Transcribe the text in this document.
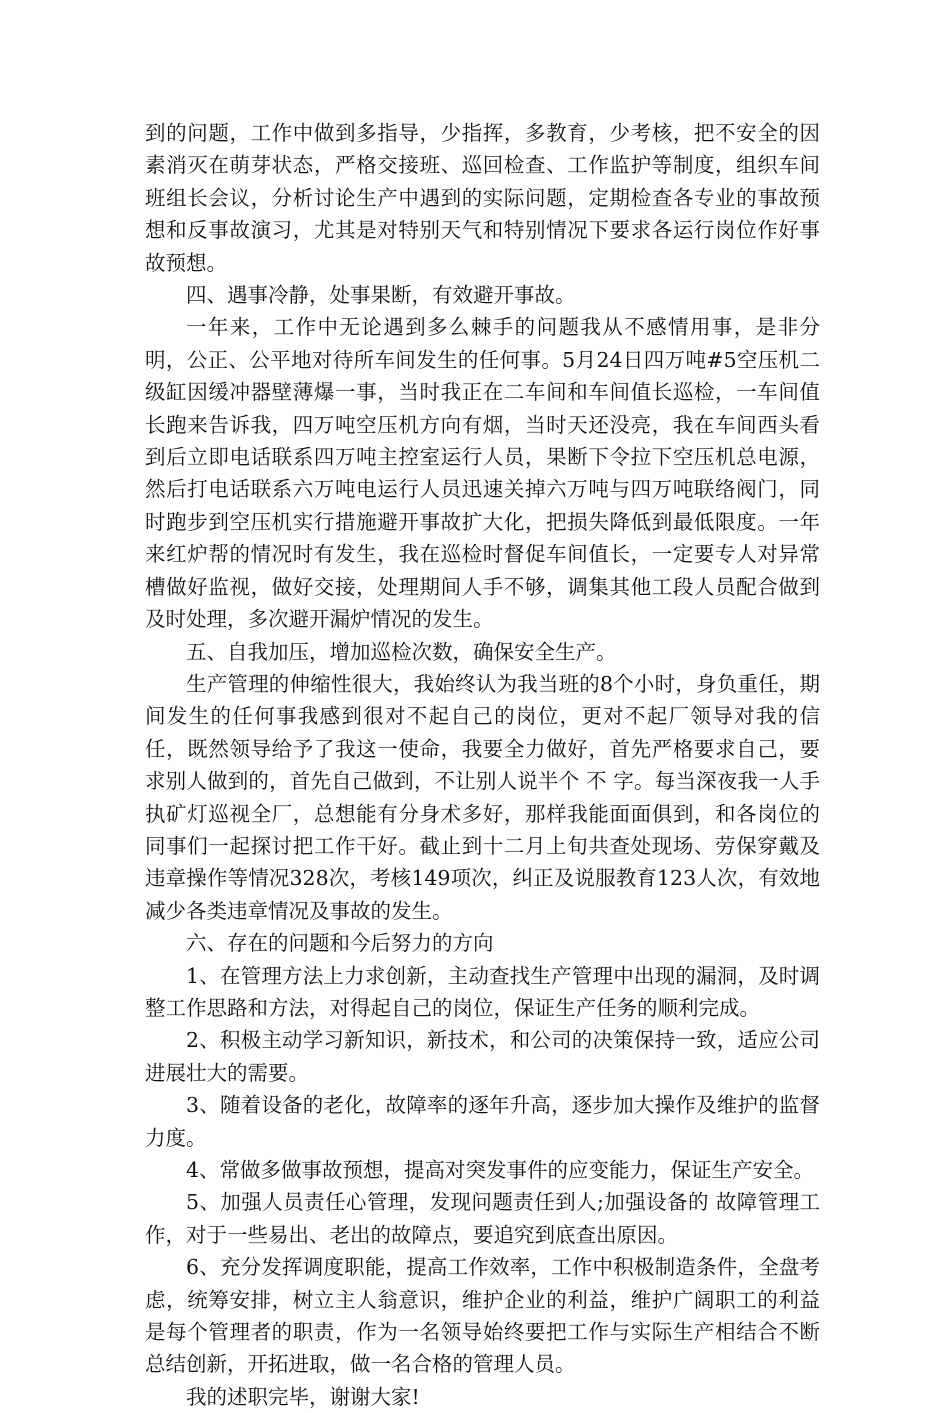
到的问题，工作中做到多指导，少指挥，多教育，少考核，把不安全的因素消灭在萌芽状态，严格交接班、巡回检查、工作监护等制度，组织车间班组长会议，分析讨论生产中遇到的实际问题，定期检查各专业的事故预想和反事故演习，尤其是对特别天气和特别情况下要求各运行岗位作好事故预想。

四、遇事冷静，处事果断，有效避开事故。

一年来，工作中无论遇到多么棘手的问题我从不感情用事，是非分明，公正、公平地对待所车间发生的任何事。5月24日四万吨#5空压机二级缸因缓冲器壁薄爆一事，当时我正在二车间和车间值长巡检，一车间值长跑来告诉我，四万吨空压机方向有烟，当时天还没亮，我在车间西头看到后立即电话联系四万吨主控室运行人员，果断下令拉下空压机总电源，然后打电话联系六万吨电运行人员迅速关掉六万吨与四万吨联络阀门，同时跑步到空压机实行措施避开事故扩大化，把损失降低到最低限度。一年来红炉帮的情况时有发生，我在巡检时督促车间值长，一定要专人对异常槽做好监视，做好交接，处理期间人手不够，调集其他工段人员配合做到及时处理，多次避开漏炉情况的发生。

五、自我加压，增加巡检次数，确保安全生产。

生产管理的伸缩性很大，我始终认为我当班的8个小时，身负重任，期间发生的任何事我感到很对不起自己的岗位，更对不起厂领导对我的信任，既然领导给予了我这一使命，我要全力做好，首先严格要求自己，要求别人做到的，首先自己做到，不让别人说半个 不 字。每当深夜我一人手执矿灯巡视全厂，总想能有分身术多好，那样我能面面俱到，和各岗位的同事们一起探讨把工作干好。截止到十二月上旬共查处现场、劳保穿戴及违章操作等情况328次，考核149项次，纠正及说服教育123人次，有效地减少各类违章情况及事故的发生。

六、存在的问题和今后努力的方向

1、在管理方法上力求创新，主动查找生产管理中出现的漏洞，及时调整工作思路和方法，对得起自己的岗位，保证生产任务的顺利完成。

2、积极主动学习新知识，新技术，和公司的决策保持一致，适应公司进展壮大的需要。

3、随着设备的老化，故障率的逐年升高，逐步加大操作及维护的监督力度。

4、常做多做事故预想，提高对突发事件的应变能力，保证生产安全。

5、加强人员责任心管理，发现问题责任到人;加强设备的 故障管理工作，对于一些易出、老出的故障点，要追究到底查出原因。

6、充分发挥调度职能，提高工作效率，工作中积极制造条件，全盘考虑，统筹安排，树立主人翁意识，维护企业的利益，维护广阔职工的利益是每个管理者的职责，作为一名领导始终要把工作与实际生产相结合不断总结创新，开拓进取，做一名合格的管理人员。

我的述职完毕，谢谢大家!
